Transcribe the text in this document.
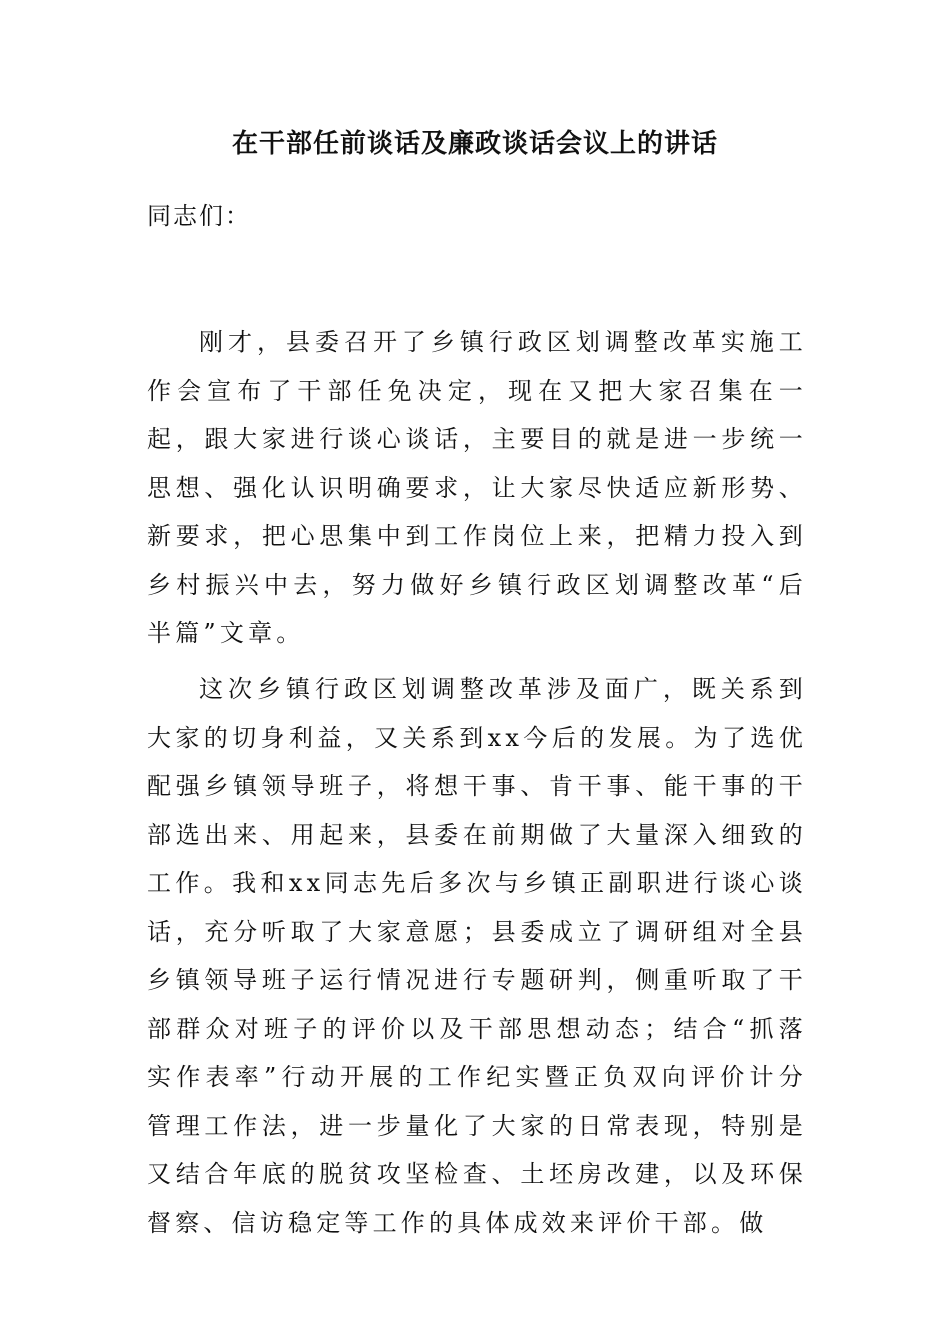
在干部任前谈话及廉政谈话会议上的讲话
同志们：

刚才，县委召开了乡镇行政区划调整改革实施工作会宣布了干部任免决定，现在又把大家召集在一起，跟大家进行谈心谈话，主要目的就是进一步统一思想、强化认识明确要求，让大家尽快适应新形势、新要求，把心思集中到工作岗位上来，把精力投入到乡村振兴中去，努力做好乡镇行政区划调整改革“后半篇”文章。

这次乡镇行政区划调整改革涉及面广，既关系到大家的切身利益，又关系到xx今后的发展。为了选优配强乡镇领导班子，将想干事、肯干事、能干事的干部选出来、用起来，县委在前期做了大量深入细致的工作。我和xx同志先后多次与乡镇正副职进行谈心谈话，充分听取了大家意愿；县委成立了调研组对全县乡镇领导班子运行情况进行专题研判，侧重听取了干部群众对班子的评价以及干部思想动态；结合“抓落实作表率”行动开展的工作纪实暨正负双向评价计分管理工作法，进一步量化了大家的日常表现，特别是又结合年底的脱贫攻坚检查、土坯房改建，以及环保督察、信访稳定等工作的具体成效来评价干部。做
